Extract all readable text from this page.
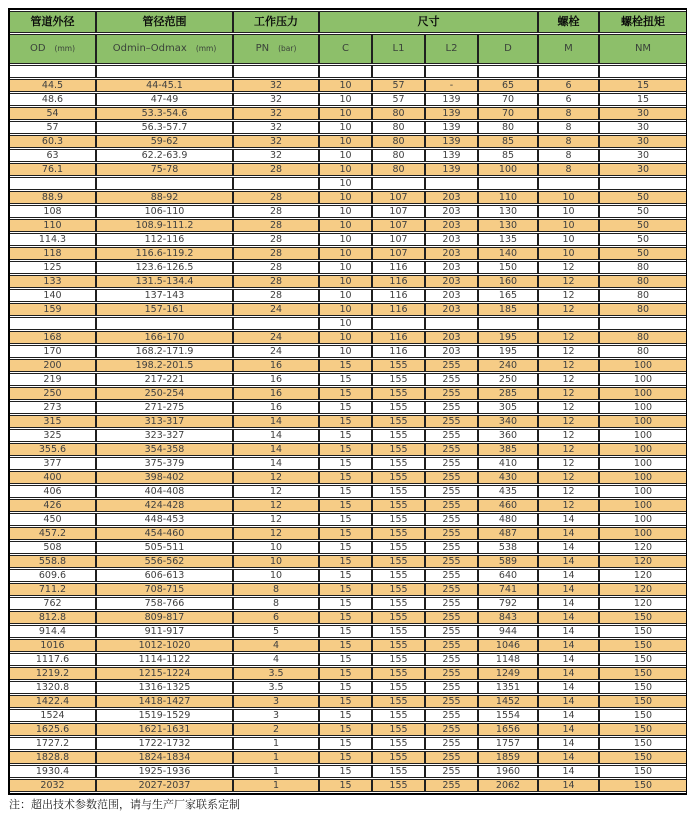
管道外径	管径范围	工作压力	尺寸				螺栓	螺栓扭矩
OD (mm)	Odmin–Odmax (mm)	PN (bar)	C	L1	L2	D	M	NM

44.5	44-45.1	32	10	57	-	65	6	15
48.6	47-49	32	10	57	139	70	6	15
54	53.3-54.6	32	10	80	139	70	8	30
57	56.3-57.7	32	10	80	139	80	8	30
60.3	59-62	32	10	80	139	85	8	30
63	62.2-63.9	32	10	80	139	85	8	30
76.1	75-78	28	10	80	139	100	8	30
			10					
88.9	88-92	28	10	107	203	110	10	50
108	106-110	28	10	107	203	130	10	50
110	108.9-111.2	28	10	107	203	130	10	50
114.3	112-116	28	10	107	203	135	10	50
118	116.6-119.2	28	10	107	203	140	10	50
125	123.6-126.5	28	10	116	203	150	12	80
133	131.5-134.4	28	10	116	203	160	12	80
140	137-143	28	10	116	203	165	12	80
159	157-161	24	10	116	203	185	12	80
			10					
168	166-170	24	10	116	203	195	12	80
170	168.2-171.9	24	10	116	203	195	12	80
200	198.2-201.5	16	15	155	255	240	12	100
219	217-221	16	15	155	255	250	12	100
250	250-254	16	15	155	255	285	12	100
273	271-275	16	15	155	255	305	12	100
315	313-317	14	15	155	255	340	12	100
325	323-327	14	15	155	255	360	12	100
355.6	354-358	14	15	155	255	385	12	100
377	375-379	14	15	155	255	410	12	100
400	398-402	12	15	155	255	430	12	100
406	404-408	12	15	155	255	435	12	100
426	424-428	12	15	155	255	460	12	100
450	448-453	12	15	155	255	480	14	100
457.2	454-460	12	15	155	255	487	14	100
508	505-511	10	15	155	255	538	14	120
558.8	556-562	10	15	155	255	589	14	120
609.6	606-613	10	15	155	255	640	14	120
711.2	708-715	8	15	155	255	741	14	120
762	758-766	8	15	155	255	792	14	120
812.8	809-817	6	15	155	255	843	14	150
914.4	911-917	5	15	155	255	944	14	150
1016	1012-1020	4	15	155	255	1046	14	150
1117.6	1114-1122	4	15	155	255	1148	14	150
1219.2	1215-1224	3.5	15	155	255	1249	14	150
1320.8	1316-1325	3.5	15	155	255	1351	14	150
1422.4	1418-1427	3	15	155	255	1452	14	150
1524	1519-1529	3	15	155	255	1554	14	150
1625.6	1621-1631	2	15	155	255	1656	14	150
1727.2	1722-1732	1	15	155	255	1757	14	150
1828.8	1824-1834	1	15	155	255	1859	14	150
1930.4	1925-1936	1	15	155	255	1960	14	150
2032	2027-2037	1	15	155	255	2062	14	150
注：超出技术参数范围，请与生产厂家联系定制
